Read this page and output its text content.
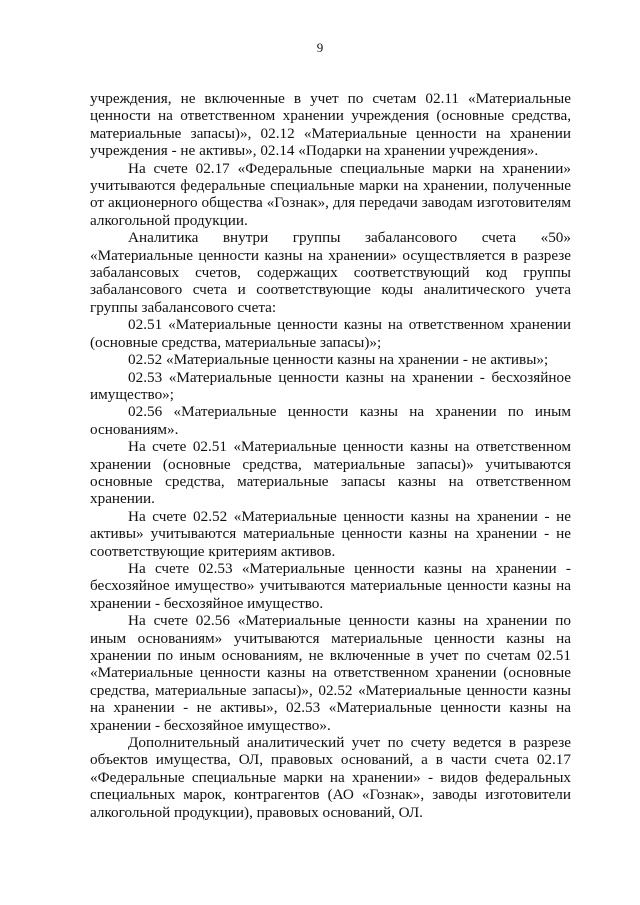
9

учреждения, не включенные в учет по счетам 02.11 «Материальные ценности на ответственном хранении учреждения (основные средства, материальные запасы)», 02.12 «Материальные ценности на хранении учреждения - не активы», 02.14 «Подарки на хранении учреждения».

На счете 02.17 «Федеральные специальные марки на хранении» учитываются федеральные специальные марки на хранении, полученные от акционерного общества «Гознак», для передачи заводам изготовителям алкогольной продукции.

Аналитика внутри группы забалансового счета «50» «Материальные ценности казны на хранении» осуществляется в разрезе забалансовых счетов, содержащих соответствующий код группы забалансового счета и соответствующие коды аналитического учета группы забалансового счета:

02.51 «Материальные ценности казны на ответственном хранении (основные средства, материальные запасы)»;

02.52 «Материальные ценности казны на хранении - не активы»;

02.53 «Материальные ценности казны на хранении - бесхозяйное имущество»;

02.56 «Материальные ценности казны на хранении по иным основаниям».

На счете 02.51 «Материальные ценности казны на ответственном хранении (основные средства, материальные запасы)» учитываются основные средства, материальные запасы казны на ответственном хранении.

На счете 02.52 «Материальные ценности казны на хранении - не активы» учитываются материальные ценности казны на хранении - не соответствующие критериям активов.

На счете 02.53 «Материальные ценности казны на хранении - бесхозяйное имущество» учитываются материальные ценности казны на хранении - бесхозяйное имущество.

На счете 02.56 «Материальные ценности казны на хранении по иным основаниям» учитываются материальные ценности казны на хранении по иным основаниям, не включенные в учет по счетам 02.51 «Материальные ценности казны на ответственном хранении (основные средства, материальные запасы)», 02.52 «Материальные ценности казны на хранении - не активы», 02.53 «Материальные ценности казны на хранении - бесхозяйное имущество».

Дополнительный аналитический учет по счету ведется в разрезе объектов имущества, ОЛ, правовых оснований, а в части счета 02.17 «Федеральные специальные марки на хранении» - видов федеральных специальных марок, контрагентов (АО «Гознак», заводы изготовители алкогольной продукции), правовых оснований, ОЛ.
